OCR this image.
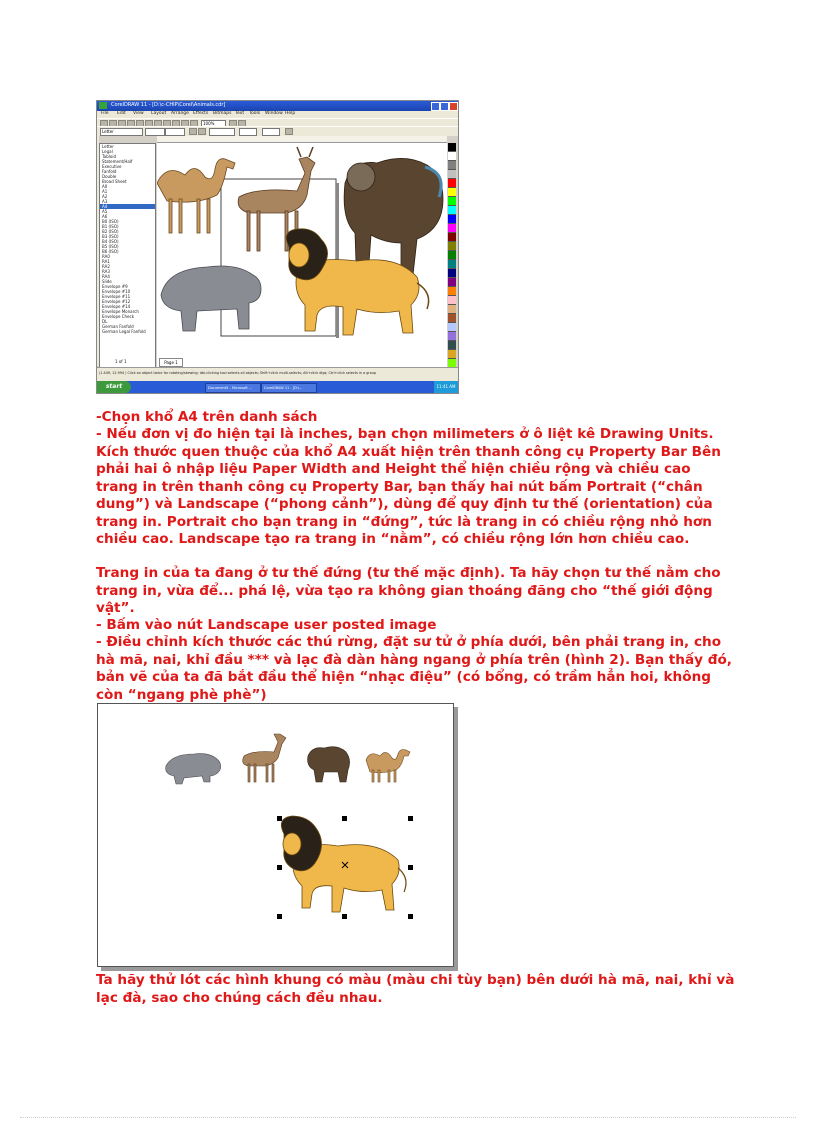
CorelDRAW 11 - [D:\c-CHIP\Corel\Animals.cdr]
File Edit View Layout Arrange Effects Bitmaps Text Tools Window Help
100%
Letter
Letter
Legal
Tabloid
Statement/Half
Executive
Fanfold
Double
Broad Sheet
A0
A1
A2
A3
A4
A5
A6
B0 (ISO)
B1 (ISO)
B2 (ISO)
B3 (ISO)
B4 (ISO)
B5 (ISO)
B6 (ISO)
RA0
RA1
RA2
RA3
RA4
Slide
Envelope #9
Envelope #10
Envelope #11
Envelope #12
Envelope #14
Envelope Monarch
Envelope Check
DL
German Fanfold
German Legal Fanfold
1 of 1	Page 1
(1.449, 12.994 ) Click an object twice for rotating/skewing; dbl-clicking tool selects all objects; Shift+click multi-selects; Alt+click digs; Ctrl+click selects in a group
start	Document5 - Microsoft ...	CorelDRAW 11 - [D:\...	11:41 AM
-Chọn khổ A4 trên danh sách
- Nếu đơn vị đo hiện tại là inches, bạn chọn milimeters ở ô liệt kê Drawing Units. Kích thước quen thuộc của khổ A4 xuất hiện trên thanh công cụ Property Bar Bên phải hai ô nhập liệu Paper Width and Height thể hiện chiều rộng và chiều cao trang in trên thanh công cụ Property Bar, bạn thấy hai nút bấm Portrait (“chân dung”) và Landscape (“phong cảnh”), dùng để quy định tư thế (orientation) của trang in. Portrait cho bạn trang in “đứng”, tức là trang in có chiều rộng nhỏ hơn chiều cao. Landscape tạo ra trang in “nằm”, có chiều rộng lớn hơn chiều cao.
Trang in của ta đang ở tư thế đứng (tư thế mặc định). Ta hãy chọn tư thế nằm cho trang in, vừa để... phá lệ, vừa tạo ra không gian thoáng đãng cho “thế giới động vật”.
- Bấm vào nút Landscape user posted image
- Điều chỉnh kích thước các thú rừng, đặt sư tử ở phía dưới, bên phải trang in, cho hà mã, nai, khỉ đầu *** và lạc đà dàn hàng ngang ở phía trên (hình 2). Bạn thấy đó, bản vẽ của ta đã bắt đầu thể hiện “nhạc điệu” (có bổng, có trầm hẳn hoi, không còn “ngang phè phè”)
Ta hãy thử lót các hình khung có màu (màu chi tùy bạn) bên dưới hà mã, nai, khỉ và lạc đà, sao cho chúng cách đều nhau.
